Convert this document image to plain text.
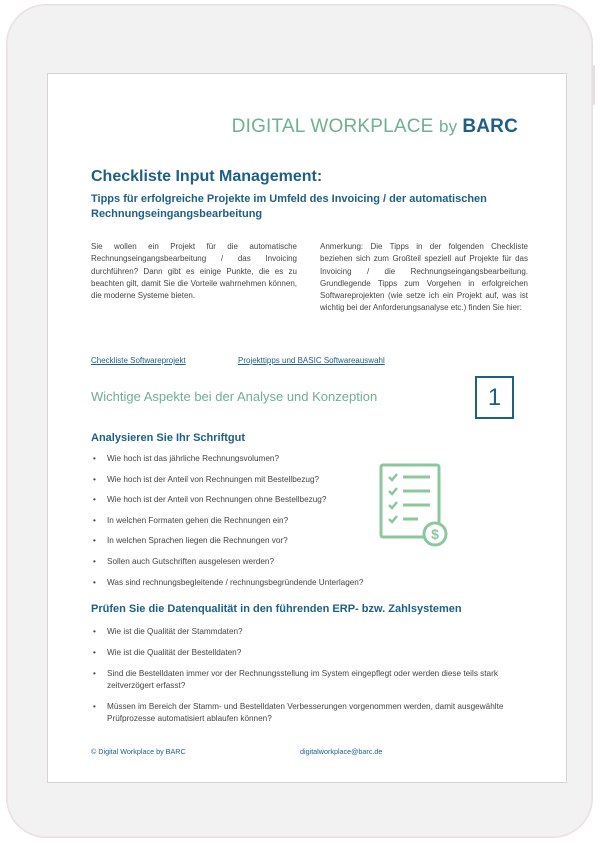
DIGITAL WORKPLACE by BARC
Checkliste Input Management:
Tipps für erfolgreiche Projekte im Umfeld des Invoicing / der automatischen Rechnungseingangsbearbeitung

Sie wollen ein Projekt für die automatische Rechnungseingangsbearbeitung / das Invoicing durchführen? Dann gibt es einige Punkte, die es zu beachten gilt, damit Sie die Vorteile wahrnehmen können, die moderne Systeme bieten.

Anmerkung: Die Tipps in der folgenden Checkliste beziehen sich zum Großteil speziell auf Projekte für das Invoicing / die Rechnungseingangsbearbeitung. Grundlegende Tipps zum Vorgehen in erfolgreichen Softwareprojekten (wie setze ich ein Projekt auf, was ist wichtig bei der Anforderungsanalyse etc.) finden Sie hier:

Checkliste Softwareprojekt	Projekttipps und BASIC Softwareauswahl
Wichtige Aspekte bei der Analyse und Konzeption	1
Analysieren Sie Ihr Schriftgut
• Wie hoch ist das jährliche Rechnungsvolumen?
• Wie hoch ist der Anteil von Rechnungen mit Bestellbezug?
• Wie hoch ist der Anteil von Rechnungen ohne Bestellbezug?
• In welchen Formaten gehen die Rechnungen ein?
• In welchen Sprachen liegen die Rechnungen vor?
• Sollen auch Gutschriften ausgelesen werden?
• Was sind rechnungsbegleitende / rechnungsbegründende Unterlagen?
$
Prüfen Sie die Datenqualität in den führenden ERP- bzw. Zahlsystemen
• Wie ist die Qualität der Stammdaten?
• Wie ist die Qualität der Bestelldaten?
• Sind die Bestelldaten immer vor der Rechnungsstellung im System eingepflegt oder werden diese teils stark zeitverzögert erfasst?
• Müssen im Bereich der Stamm- und Bestelldaten Verbesserungen vorgenommen werden, damit ausgewählte Prüfprozesse automatisiert ablaufen können?
© Digital Workplace by BARC	digitalworkplace@barc.de
